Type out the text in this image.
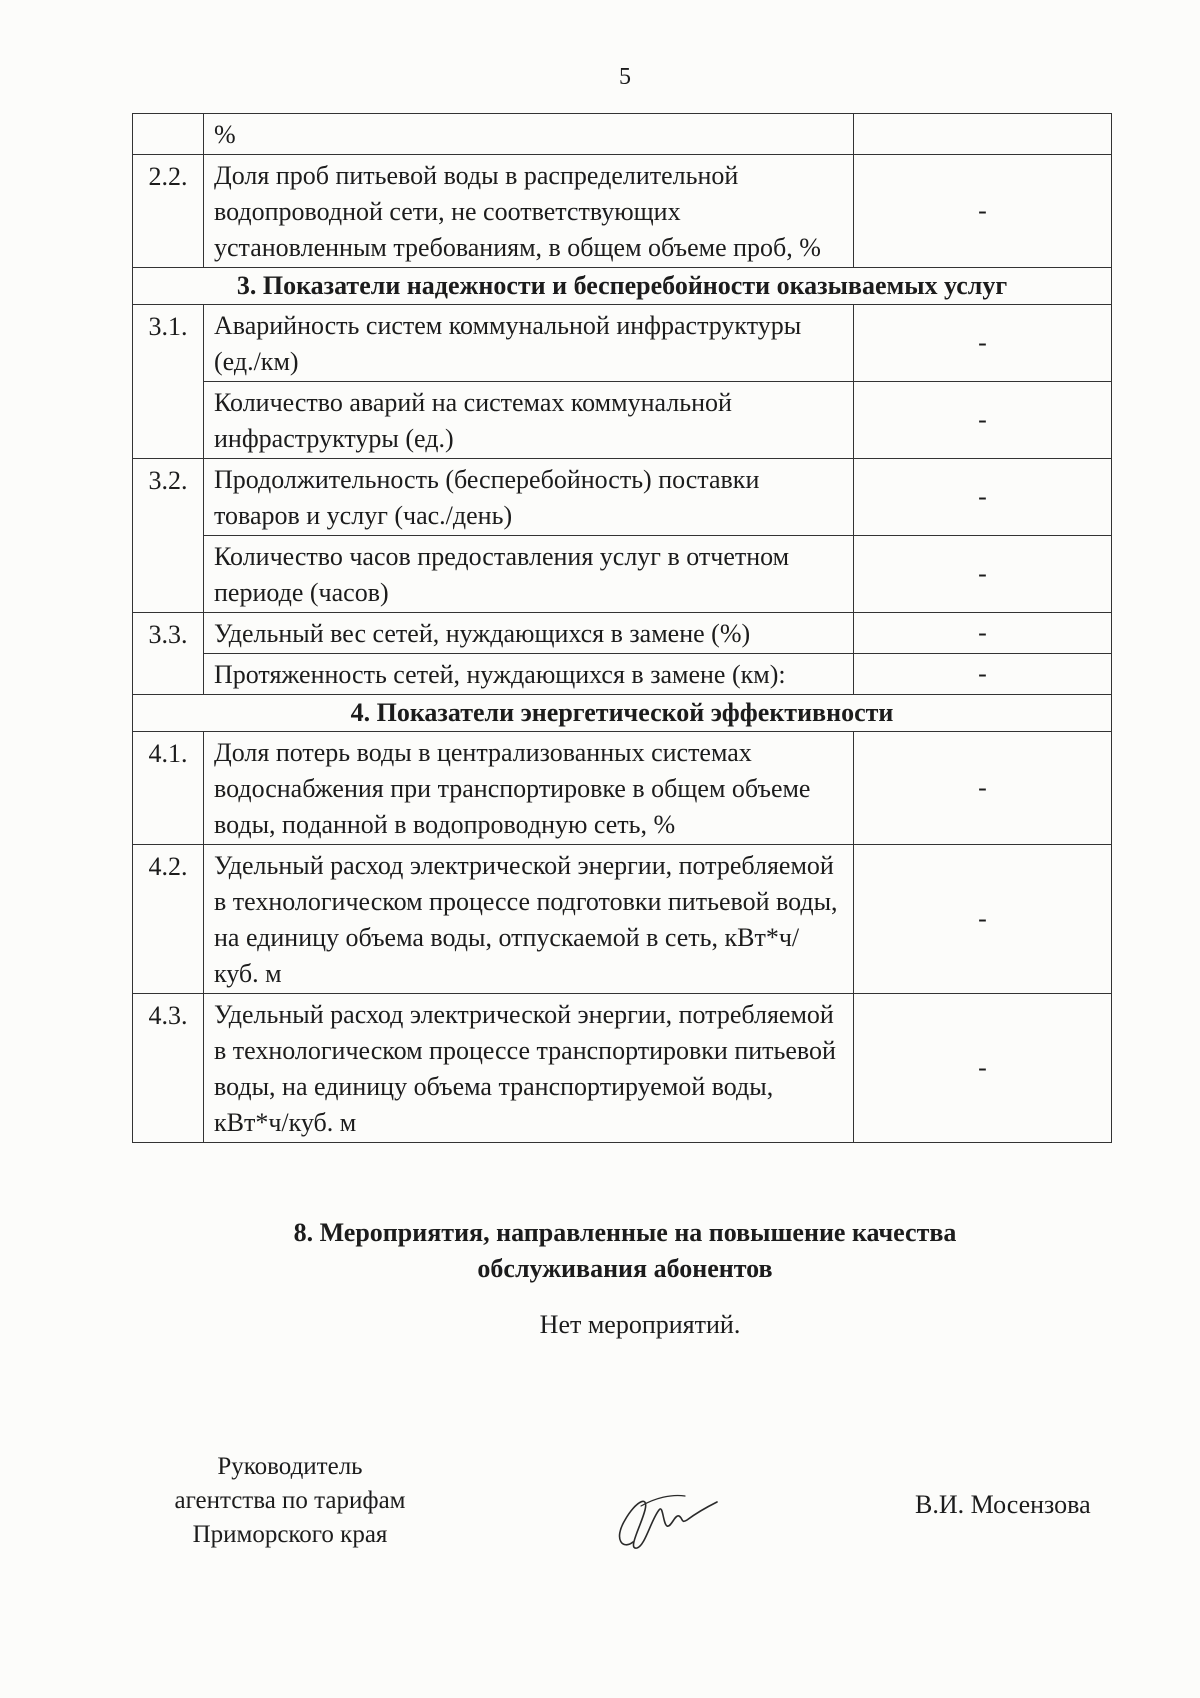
5
	%	
2.2.	Доля проб питьевой воды в распределительной водопроводной сети, не соответствующих установленным требованиям, в общем объеме проб, %	-
3. Показатели надежности и бесперебойности оказываемых услуг		
3.1.	Аварийность систем коммунальной инфраструктуры (ед./км)	-
	Количество аварий на системах коммунальной инфраструктуры (ед.)	-
3.2.	Продолжительность (бесперебойность) поставки товаров и услуг (час./день)	-
	Количество часов предоставления услуг в отчетном периоде (часов)	-
3.3.	Удельный вес сетей, нуждающихся в замене (%)	-
	Протяженность сетей, нуждающихся в замене (км):	-
4. Показатели энергетической эффективности		
4.1.	Доля потерь воды в централизованных системах водоснабжения при транспортировке в общем объеме воды, поданной в водопроводную сеть, %	-
4.2.	Удельный расход электрической энергии, потребляемой в технологическом процессе подготовки питьевой воды, на единицу объема воды, отпускаемой в сеть, кВт*ч/куб. м	-
4.3.	Удельный расход электрической энергии, потребляемой в технологическом процессе транспортировки питьевой воды, на единицу объема транспортируемой воды, кВт*ч/куб. м	-
8. Мероприятия, направленные на повышение качества
обслуживания абонентов
Нет мероприятий.
Руководитель
агентства по тарифам
Приморского края
В.И. Мосензова
